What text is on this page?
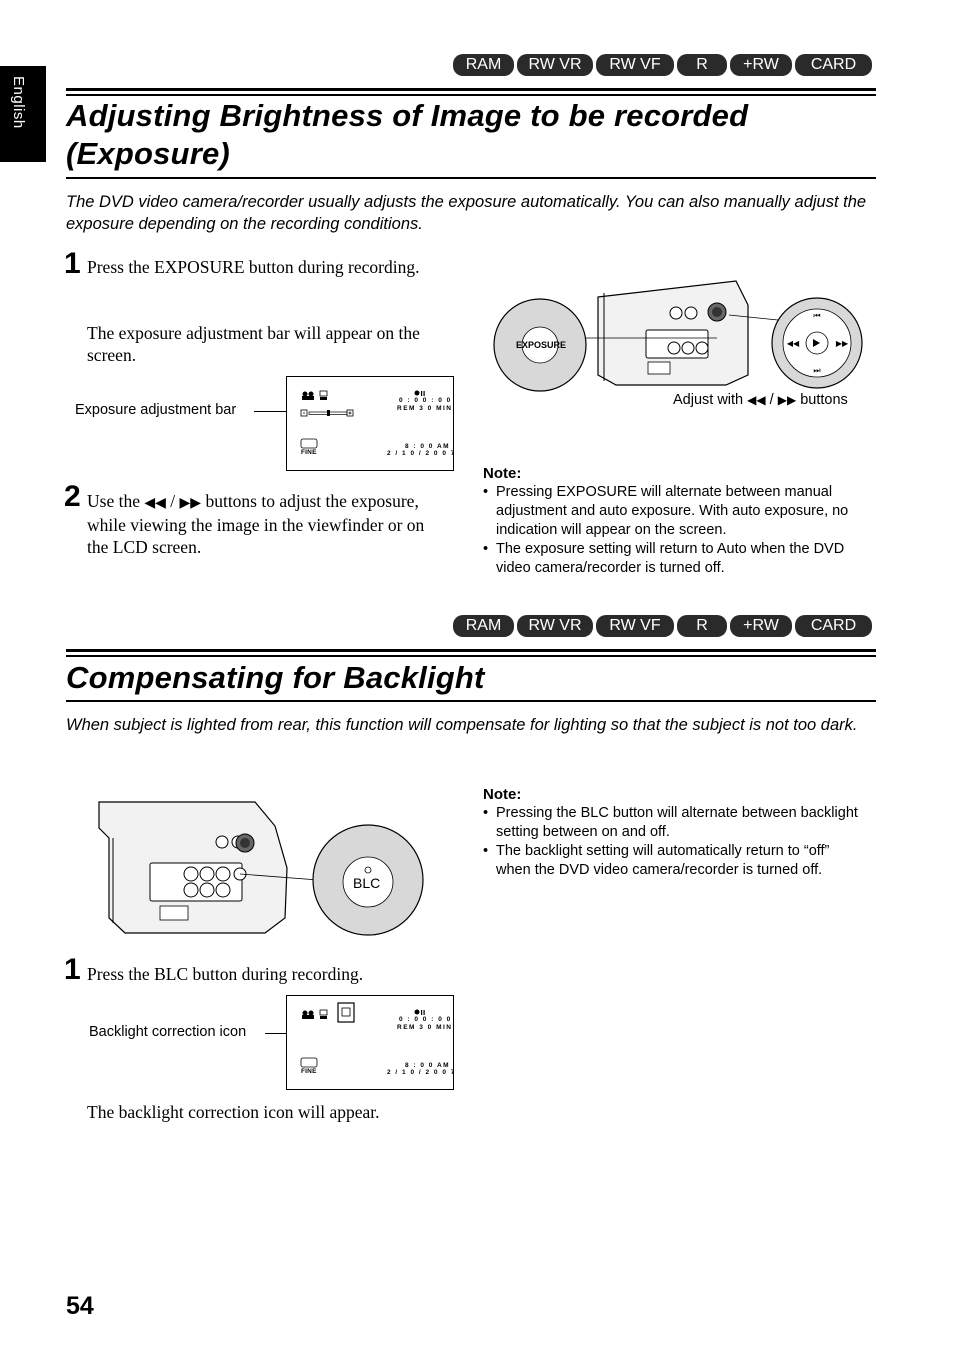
English
RAM	RW VR	RW VF	R	+RW	CARD
Adjusting Brightness of Image to be recorded
(Exposure)

The DVD video camera/recorder usually adjusts the exposure automatically. You can also manually adjust the exposure depending on the recording conditions.

1 Press the EXPOSURE button during recording.

The exposure adjustment bar will appear on the screen.

Exposure adjustment bar
0 : 0 0 : 0 0
REM 3 0 MIN
FINE
8 : 0 0 AM
2 / 1 0 / 2 0 0 7
⏮
⏭
◀◀	▶▶
EXPOSURE
Adjust with ◀◀ / ▶▶ buttons
2 Use the ◀◀ / ▶▶ buttons to adjust the exposure, while viewing the image in the viewfinder or on the LCD screen.

Note:
• Pressing EXPOSURE will alternate between manual adjustment and auto exposure. With auto exposure, no indication will appear on the screen.
• The exposure setting will return to Auto when the DVD video camera/recorder is turned off.
RAM	RW VR	RW VF	R	+RW	CARD
Compensating for Backlight

When subject is lighted from rear, this function will compensate for lighting so that the subject is not too dark.

BLC
Note:
• Pressing the BLC button will alternate between backlight setting between on and off.
• The backlight setting will automatically return to “off” when the DVD video camera/recorder is turned off.
1 Press the BLC button during recording.

Backlight correction icon
0 : 0 0 : 0 0
REM 3 0 MIN
FINE
8 : 0 0 AM
2 / 1 0 / 2 0 0 7

The backlight correction icon will appear.

54
